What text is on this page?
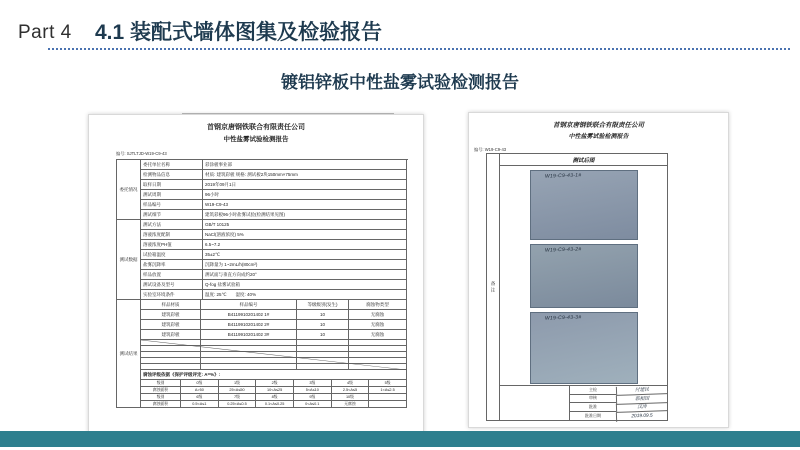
Part 4 4.1 装配式墙体图集及检验报告
镀铝锌板中性盐雾试验检测报告
首钢京唐钢铁联合有限责任公司
中性盐雾试验检测报告
编号: SJTLTJD-W19-C9-43
委托情况
委托单位名称	彩涂板事业部
检测物品信息	材质: 建筑彩板 规格: 测试板2块150mm×75mm
取样日期	2019年09月1日
测试周期	96小时
样品编号	W19-C9-43
测试细节	建筑彩板96小时盐雾试验(检测结果见图)
测试数据
测试方法	GB/T 10125
溶液浓度配制	NaCl(溶液浓度) 5%
溶液浓度PH值	6.5~7.2
试验箱温度	35±2℃
盐雾沉降率	沉降量为 1~2mL/h(80cm²)
样品放置	测试面与垂直方向成约20°
测试设备及型号	Q-fog 盐雾试验箱
实验室环境条件	温度: 25℃　　湿度: 40%
测试结果
样品材质	样品编号	等级级别(发生)	腐蚀物类型
建筑彩板	B4119910201402 1#	10	无腐蚀
建筑彩板	B4119910201402 2#	10	无腐蚀
建筑彩板	B4119910201402 3#	10	无腐蚀
腐蚀评级依据《保护评级评定: A=%》:
级别	0级	1级	2级	3级	4级	5级
腐蚀面积	A>50	25<A≤50	10<A≤25	5<A≤10	2.5<A≤5	1<A≤2.5
级别	6级	7级	8级	9级	10级
腐蚀面积	0.5<A≤1	0.25<A≤0.5	0.1<A≤0.25	0<A≤0.1	无腐蚀
首钢京唐钢铁联合有限责任公司
中性盐雾试验检测报告
编号: W19-C9-43
备注
测试后图
W19-C9-43-1#
W19-C9-43-2#
W19-C9-43-3#
主检	付建民
审核	郭相国
批准	汉涛
批准日期	2019.09.5
